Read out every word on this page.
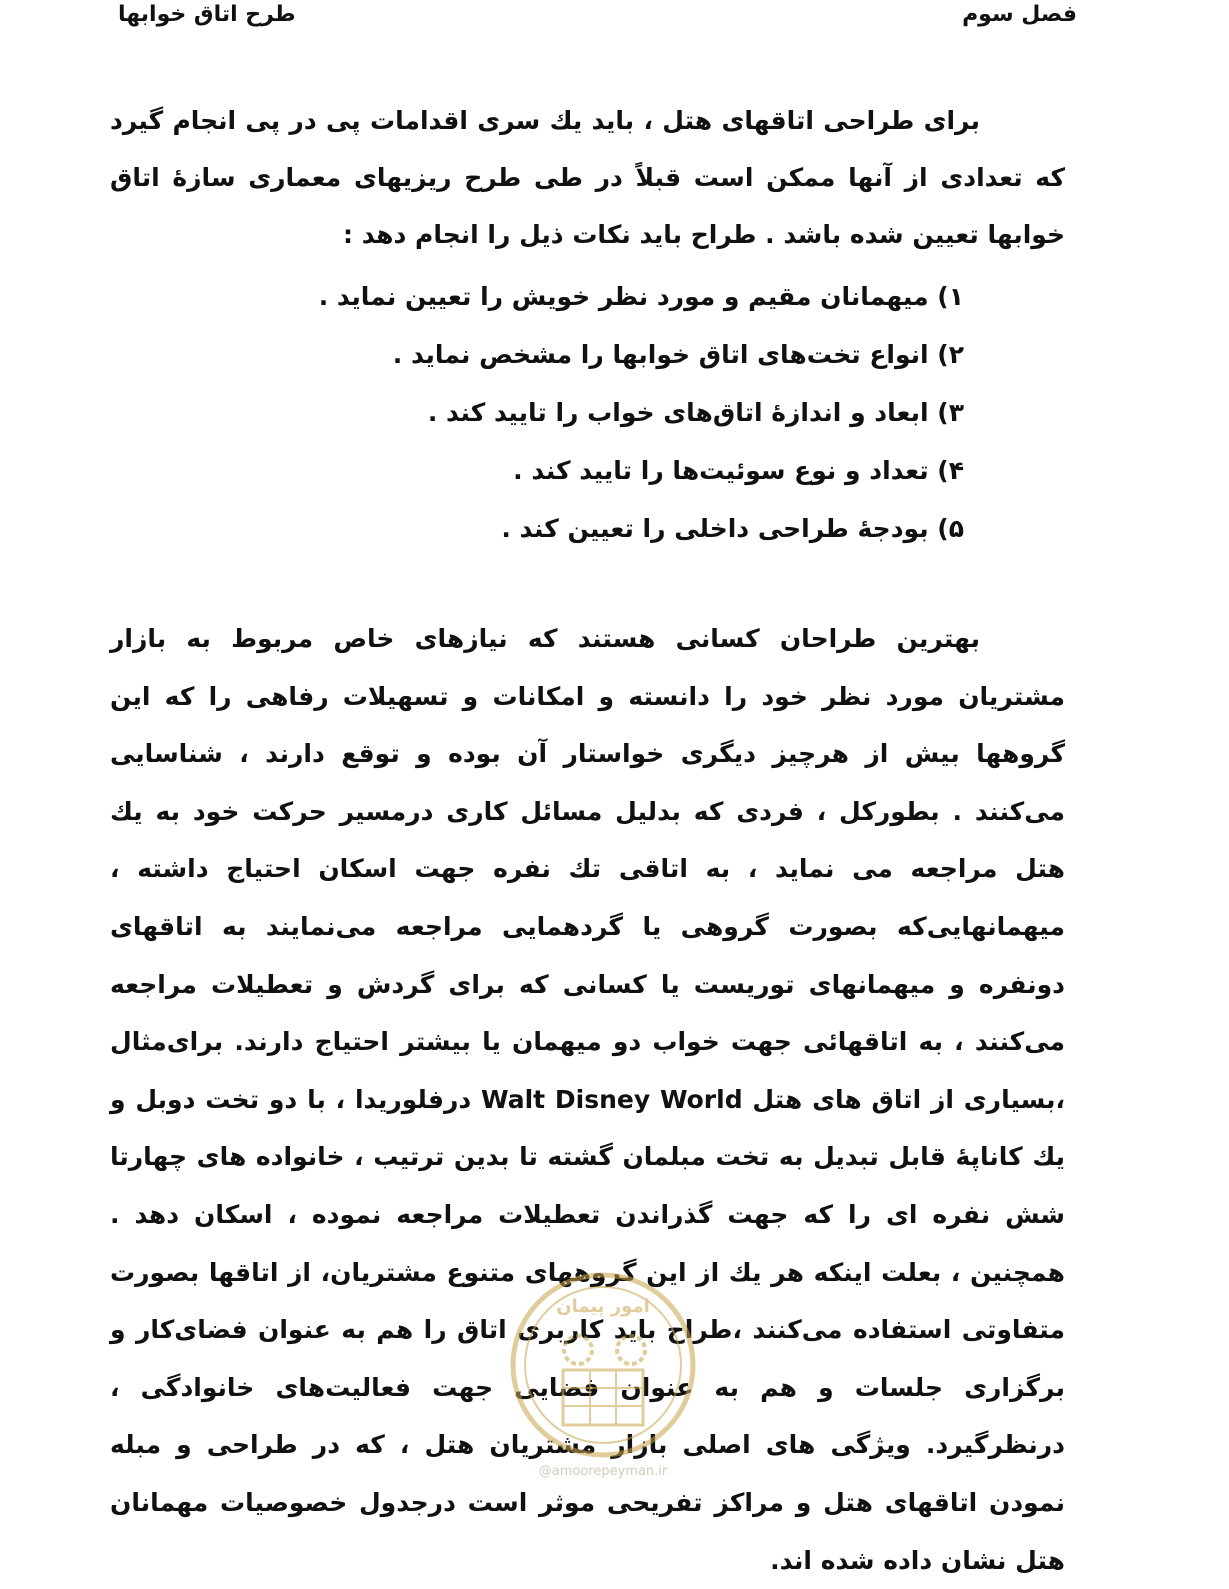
فصل سوم
طرح اتاق خوابها

برای طراحی اتاقهای هتل ، باید یك سری اقدامات پی در پی انجام گیرد که تعدادی از آنها ممکن است قبلاً در طی طرح ریزیهای معماری سازهٔ اتاق خوابها تعیین شده باشد . طراح باید نکات ذیل را انجام دهد :

۱) میهمانان مقیم و مورد نظر خویش را تعیین نماید .
۲) انواع تخت‌های اتاق خوابها را مشخص نماید .
۳) ابعاد و اندازهٔ اتاق‌های خواب را تایید کند .
۴) تعداد و نوع سوئیت‌ها را تایید کند .
۵) بودجهٔ طراحی داخلی را تعیین کند .

بهترین طراحان کسانی هستند که نیازهای خاص مربوط به بازار مشتریان مورد نظر خود را دانسته و امکانات و تسهیلات رفاهی را که این گروهها بیش از هرچیز دیگری خواستار آن بوده و توقع دارند ، شناسایی می‌کنند . بطورکل ، فردی که بدلیل مسائل کاری درمسیر حرکت خود به یك هتل مراجعه می نماید ، به اتاقی تك نفره جهت اسکان احتیاج داشته ، میهمانهایی‌که بصورت گروهی یا گردهمایی مراجعه می‌نمایند به اتاقهای دونفره و میهمانهای توریست یا کسانی که برای گردش و تعطیلات مراجعه می‌کنند ، به اتاقهائی جهت خواب دو میهمان یا بیشتر احتیاج دارند. برای‌مثال ،بسیاری از اتاق های هتل Walt Disney World درفلوریدا ، با دو تخت دوبل و یك کاناپهٔ قابل تبدیل به تخت مبلمان گشته تا بدین ترتیب ، خانواده های چهارتا شش نفره ای را که جهت گذراندن تعطیلات مراجعه نموده ، اسکان دهد . همچنین ، بعلت اینکه هر یك از این گروههای متنوع مشتریان، از اتاقها بصورت متفاوتی استفاده می‌کنند ،طراح باید کاربری اتاق را هم به عنوان فضای‌کار و برگزاری جلسات و هم به عنوان فضایی جهت فعالیت‌های خانوادگی ، درنظرگیرد. ویژگی های اصلی بازار مشتریان هتل ، که در طراحی و مبله نمودن اتاقهای هتل و مراکز تفریحی موثر است درجدول خصوصیات مهمانان هتل نشان داده شده اند.

امور پیمان
@amoorepeyman.ir
